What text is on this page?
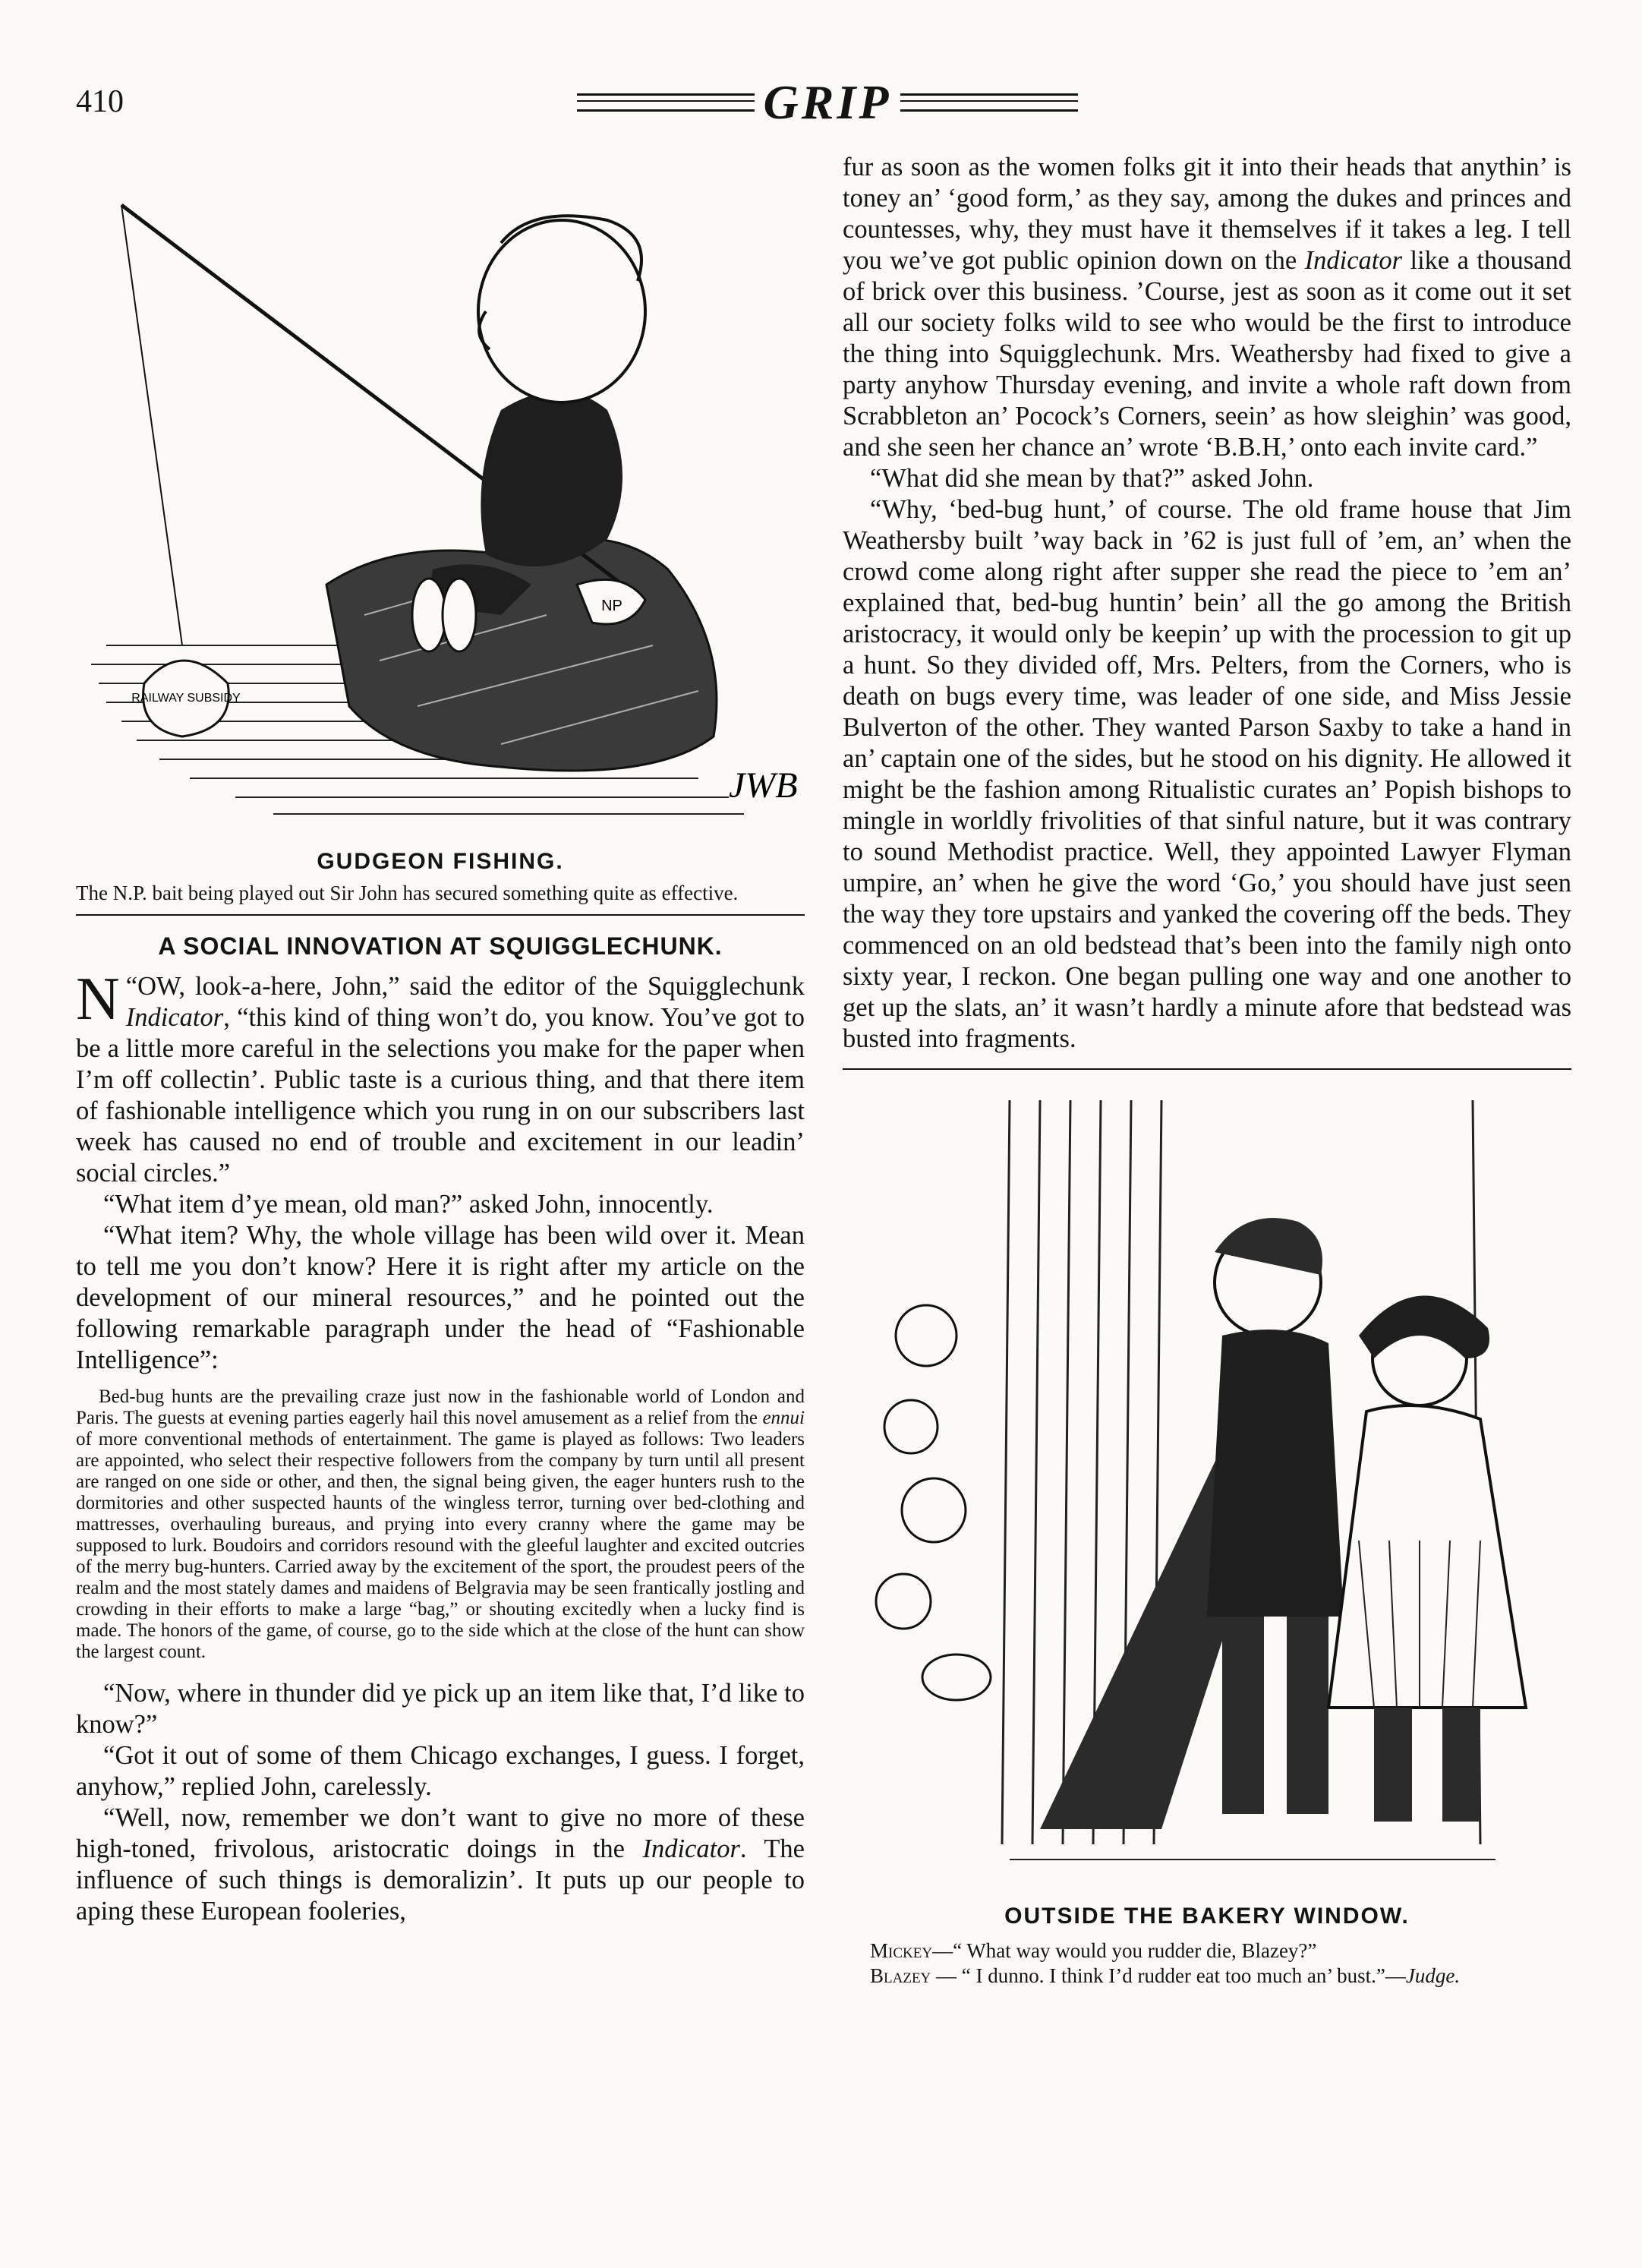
410	GRIP
NP
RAILWAY SUBSIDY
JWB
GUDGEON FISHING.
The N.P. bait being played out Sir John has secured something quite as effective.
A SOCIAL INNOVATION AT SQUIGGLECHUNK.

“
N OW, look-a-here, John,” said the editor of the Squigglechunk Indicator, “this kind of thing won’t do, you know. You’ve got to be a little more careful in the selections you make for the paper when I’m off collectin’. Public taste is a curious thing, and that there item of fashionable intelligence which you rung in on our subscribers last week has caused no end of trouble and excitement in our leadin’ social circles.”

“What item d’ye mean, old man?” asked John, innocently.

“What item? Why, the whole village has been wild over it. Mean to tell me you don’t know? Here it is right after my article on the development of our mineral resources,” and he pointed out the following remarkable paragraph under the head of “Fashionable Intelligence”:

Bed-bug hunts are the prevailing craze just now in the fashionable world of London and Paris. The guests at evening parties eagerly hail this novel amusement as a relief from the ennui of more conventional methods of entertainment. The game is played as follows: Two leaders are appointed, who select their respective followers from the company by turn until all present are ranged on one side or other, and then, the signal being given, the eager hunters rush to the dormitories and other suspected haunts of the wingless terror, turning over bed-clothing and mattresses, overhauling bureaus, and prying into every cranny where the game may be supposed to lurk. Boudoirs and corridors resound with the gleeful laughter and excited outcries of the merry bug-hunters. Carried away by the excitement of the sport, the proudest peers of the realm and the most stately dames and maidens of Belgravia may be seen frantically jostling and crowding in their efforts to make a large “bag,” or shouting excitedly when a lucky find is made. The honors of the game, of course, go to the side which at the close of the hunt can show the largest count.

“Now, where in thunder did ye pick up an item like that, I’d like to know?”

“Got it out of some of them Chicago exchanges, I guess. I forget, anyhow,” replied John, carelessly.

“Well, now, remember we don’t want to give no more of these high-toned, frivolous, aristocratic doings in the Indicator. The influence of such things is demoralizin’. It puts up our people to aping these European fooleries,

fur as soon as the women folks git it into their heads that anythin’ is toney an’ ‘good form,’ as they say, among the dukes and princes and countesses, why, they must have it themselves if it takes a leg. I tell you we’ve got public opinion down on the Indicator like a thousand of brick over this business. ’Course, jest as soon as it come out it set all our society folks wild to see who would be the first to introduce the thing into Squigglechunk. Mrs. Weathersby had fixed to give a party anyhow Thursday evening, and invite a whole raft down from Scrabbleton an’ Pocock’s Corners, seein’ as how sleighin’ was good, and she seen her chance an’ wrote ‘B.B.H,’ onto each invite card.”

“What did she mean by that?” asked John.

“Why, ‘bed-bug hunt,’ of course. The old frame house that Jim Weathersby built ’way back in ’62 is just full of ’em, an’ when the crowd come along right after supper she read the piece to ’em an’ explained that, bed-bug huntin’ bein’ all the go among the British aristocracy, it would only be keepin’ up with the procession to git up a hunt. So they divided off, Mrs. Pelters, from the Corners, who is death on bugs every time, was leader of one side, and Miss Jessie Bulverton of the other. They wanted Parson Saxby to take a hand in an’ captain one of the sides, but he stood on his dignity. He allowed it might be the fashion among Ritualistic curates an’ Popish bishops to mingle in worldly frivolities of that sinful nature, but it was contrary to sound Methodist practice. Well, they appointed Lawyer Flyman umpire, an’ when he give the word ‘Go,’ you should have just seen the way they tore upstairs and yanked the covering off the beds. They commenced on an old bedstead that’s been into the family nigh onto sixty year, I reckon. One began pulling one way and one another to get up the slats, an’ it wasn’t hardly a minute afore that bedstead was busted into fragments.

OUTSIDE THE BAKERY WINDOW.
Mickey—“ What way would you rudder die, Blazey?”
Blazey — “ I dunno. I think I’d rudder eat too much an’ bust.”—Judge.
